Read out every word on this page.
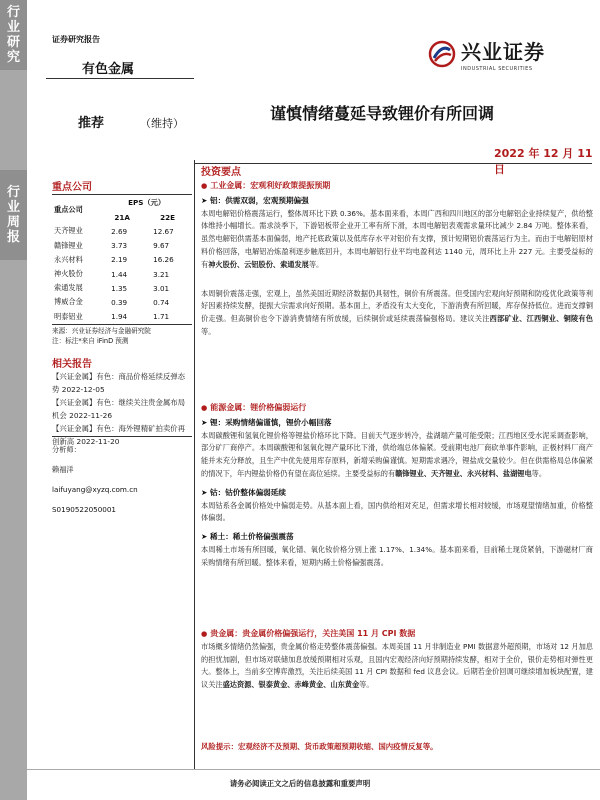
行
业
研
究
行
业
周
报
证券研究报告
有色金属
兴业证券
INDUSTRIAL SECURITIES
推荐	（维持）
谨慎情绪蔓延导致锂价有所回调
2022 年 12 月 11 日
重点公司
重点公司	EPS（元）	
	21A	22E
天齐锂业	2.69	12.67
赣锋锂业	3.73	9.67
永兴材料	2.19	16.26
神火股份	1.44	3.21
索通发展	1.35	3.01
博威合金	0.39	0.74
明泰铝业	1.94	1.71
来源：兴业证券经济与金融研究院
注：标注*来自 iFinD 预测
相关报告
【兴证金属】有色：商品价格延续反弹态势 2022-12-05
【兴证金属】有色：继续关注贵金属布局机会 2022-11-26
【兴证金属】有色：海外锂精矿拍卖价再创新高 2022-11-20
分析师：
赖福洋
laifuyang@xyzq.com.cn
S0190522050001
投资要点
● 工业金属：宏观利好政策提振预期
➤ 铝：供需双弱，宏观预期偏强

本周电解铝价格震荡运行，整体周环比下跌 0.36%。基本面来看，本周广西和四川地区的部分电解铝企业持续复产，供给整体维持小幅增长。需求淡季下，下游铝板带企业开工率有所下滑，本周电解铝表观需求量环比减少 2.84 万吨。整体来看，虽然电解铝供需基本面偏弱，地产托底政策以及低库存水平对铝价有支撑，预计短期铝价震荡运行为主。而由于电解铝原材料价格回落，电解铝冶炼盈利逐步触底回升，本周电解铝行业平均电盈利达 1140 元，周环比上升 227 元。主要受益标的有神火股份、云铝股份、索通发展等。

本周铜价震荡走强，宏观上，虽然美国近期经济数据仍具韧性，铜价有所震荡。但受国内宏观向好预期和防疫优化政策等利好因素持续发酵，提振大宗需求向好预期。基本面上，矛盾没有太大变化，下游消费有所回暖，库存保持低位。进而支撑铜价走强。但高铜价也令下游消费情绪有所放缓，后续铜价或延续震荡偏强格局。建议关注西部矿业、江西铜业、铜陵有色等。

● 能源金属：锂价格偏弱运行
➤ 锂：采购情绪偏谨慎，锂价小幅回落

本周碳酸锂和氢氧化锂价格等锂盐价格环比下降。目前天气逐步转冷，盐湖端产量可能受限；江西地区受水泥采调查影响，部分矿厂商停产。本周碳酸锂和氢氧化锂产量环比下滑，供给端总体偏紧。受前期电池厂商砍单事件影响，正极材料厂商产能并未充分释放，且生产中优先使用库存原料，新增采购偏谨慎。短期需求遇冷，锂盐成交量较少。但在供需格局总体偏紧的情况下，年内锂盐价格仍有望在高位延续。主要受益标的有赣锋锂业、天齐锂业、永兴材料、盐湖锂电等。

➤ 钴：钴价整体偏弱延续

本周钴系各金属价格处中偏弱走势。从基本面上看，国内供给相对充足，但需求增长相对较缓，市场观望情绪加重，价格整体偏弱。

➤ 稀土：稀土价格偏强震荡

本周稀土市场有所回暖，氧化镨、氧化钕价格分别上涨 1.17%、1.34%。基本面来看，目前稀土现货紧俏，下游磁材厂商采购情绪有所回暖。整体来看，短期内稀土价格偏强震荡。

● 贵金属：贵金属价格偏强运行，关注美国 11 月 CPI 数据

市场概多情绪仍然偏强，贵金属价格走势整体震荡偏强。本周美国 11 月非制造业 PMI 数据意外超预期，市场对 12 月加息的担忧加剧，但市场对联储加息放缓预期相对乐观，且国内宏观经济向好预期持续发酵，相对于全价，银价走势相对弹性更大。整体上，当前多空博弈激烈，关注后续美国 11 月 CPI 数据和 fed 议息会议。后期若金价回调可继续增加板块配置，建议关注盛达资源、银泰黄金、赤峰黄金、山东黄金等。

风险提示：宏观经济不及预期、货币政策超预期收缩、国内疫情反复等。
请务必阅读正文之后的信息披露和重要声明
